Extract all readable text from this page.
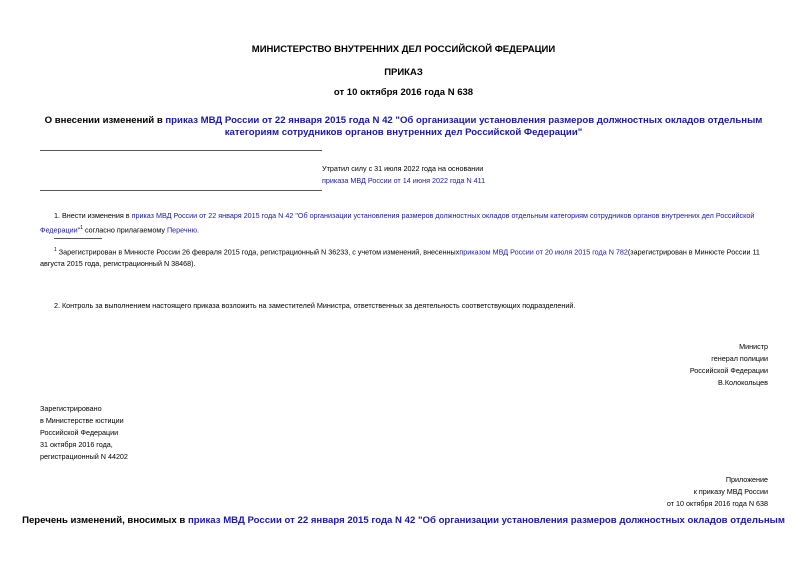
МИНИСТЕРСТВО ВНУТРЕННИХ ДЕЛ РОССИЙСКОЙ ФЕДЕРАЦИИ
ПРИКАЗ
от 10 октября 2016 года N 638
О внесении изменений в приказ МВД России от 22 января 2015 года N 42 "Об организации установления размеров должностных окладов отдельным категориям сотрудников органов внутренних дел Российской Федерации"
Утратил силу с 31 июля 2022 года на основании
приказа МВД России от 14 июня 2022 года N 411
1. Внести изменения в приказ МВД России от 22 января 2015 года N 42 "Об организации установления размеров должностных окладов отдельным категориям сотрудников органов внутренних дел Российской Федерации"$^1$ согласно прилагаемому Перечню.
$^1$ Зарегистрирован в Минюсте России 26 февраля 2015 года, регистрационный N 36233, с учетом изменений, внесенныхприказом МВД России от 20 июля 2015 года N 782(зарегистрирован в Минюсте России 11 августа 2015 года, регистрационный N 38468).
2. Контроль за выполнением настоящего приказа возложить на заместителей Министра, ответственных за деятельность соответствующих подразделений.
Министр
генерал полиции
Российской Федерации
В.Колокольцев
Зарегистрировано
в Министерстве юстиции
Российской Федерации
31 октября 2016 года,
регистрационный N 44202
Приложение
к приказу МВД России
от 10 октября 2016 года N 638
Перечень изменений, вносимых в приказ МВД России от 22 января 2015 года N 42 "Об организации установления размеров должностных окладов отдельным
